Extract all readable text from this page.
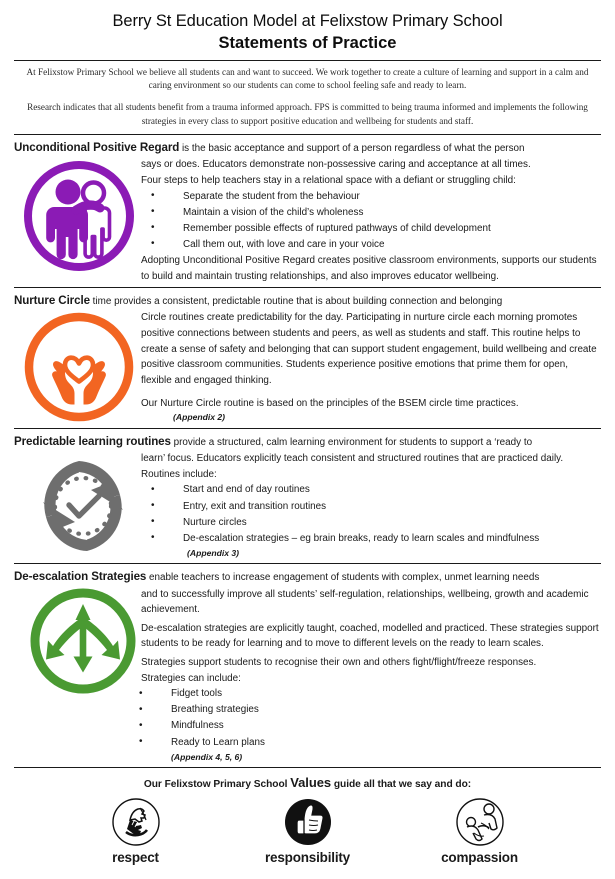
Berry St Education Model at Felixstow Primary School
Statements of Practice

At Felixstow Primary School we believe all students can and want to succeed. We work together to create a culture of learning and support in a calm and caring environment so our students can come to school feeling safe and ready to learn.

Research indicates that all students benefit from a trauma informed approach. FPS is committed to being trauma informed and implements the following strategies in every class to support positive education and wellbeing for students and staff.

Unconditional Positive Regard is the basic acceptance and support of a person regardless of what the person

says or does. Educators demonstrate non-possessive caring and acceptance at all times.
Four steps to help teachers stay in a relational space with a defiant or struggling child:
• Separate the student from the behaviour
• Maintain a vision of the child’s wholeness
• Remember possible effects of ruptured pathways of child development
• Call them out, with love and care in your voice
Adopting Unconditional Positive Regard creates positive classroom environments, supports our students to build and maintain trusting relationships, and also improves educator wellbeing.

Nurture Circle time provides a consistent, predictable routine that is about building connection and belonging

Circle routines create predictability for the day. Participating in nurture circle each morning promotes positive connections between students and peers, as well as students and staff. This routine helps to create a sense of safety and belonging that can support student engagement, build wellbeing and create positive classroom communities. Students experience positive emotions that prime them for open, flexible and engaged thinking.
Our Nurture Circle routine is based on the principles of the BSEM circle time practices.
(Appendix 2)

Predictable learning routines provide a structured, calm learning environment for students to support a ‘ready to

learn’ focus. Educators explicitly teach consistent and structured routines that are practiced daily.
Routines include:
• Start and end of day routines
• Entry, exit and transition routines
• Nurture circles
• De-escalation strategies – eg brain breaks, ready to learn scales and mindfulness
(Appendix 3)

De-escalation Strategies enable teachers to increase engagement of students with complex, unmet learning needs

and to successfully improve all students’ self-regulation, relationships, wellbeing, growth and academic achievement.
De-escalation strategies are explicitly taught, coached, modelled and practiced. These strategies support students to be ready for learning and to move to different levels on the ready to learn scales.
Strategies support students to recognise their own and others fight/flight/freeze responses.
Strategies can include:
• Fidget tools
• Breathing strategies
• Mindfulness
• Ready to Learn plans
(Appendix 4, 5, 6)
Our Felixstow Primary School Values guide all that we say and do:
respect	responsibility	compassion
